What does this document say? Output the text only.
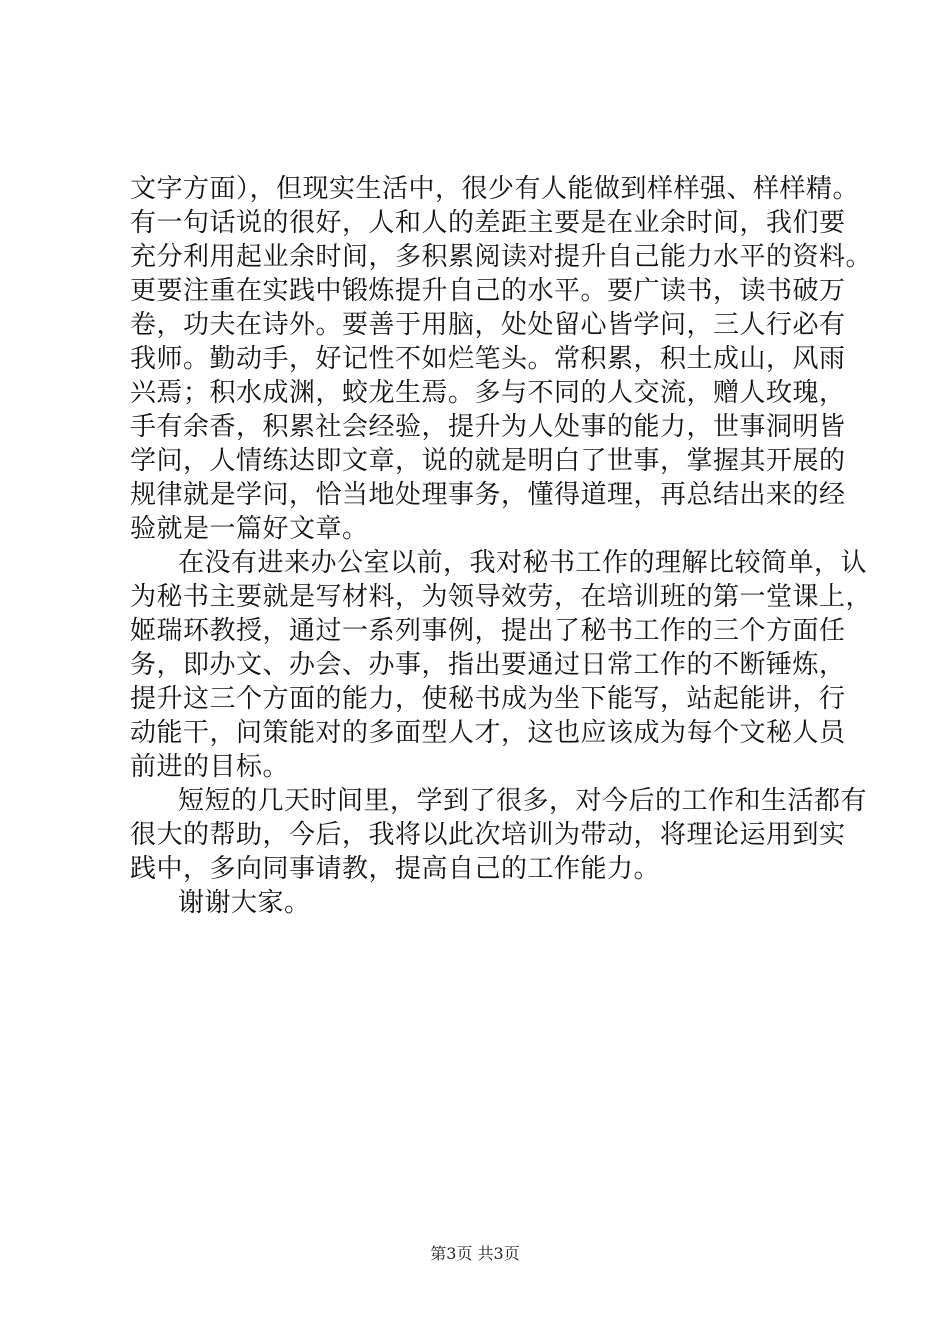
文字方面），但现实生活中，很少有人能做到样样强、样样精。
有一句话说的很好，人和人的差距主要是在业余时间，我们要
充分利用起业余时间，多积累阅读对提升自己能力水平的资料。
更要注重在实践中锻炼提升自己的水平。要广读书，读书破万
卷，功夫在诗外。要善于用脑，处处留心皆学问，三人行必有
我师。勤动手，好记性不如烂笔头。常积累，积土成山，风雨
兴焉；积水成渊，蛟龙生焉。多与不同的人交流，赠人玫瑰，
手有余香，积累社会经验，提升为人处事的能力，世事洞明皆
学问，人情练达即文章，说的就是明白了世事，掌握其开展的
规律就是学问，恰当地处理事务，懂得道理，再总结出来的经
验就是一篇好文章。
在没有进来办公室以前，我对秘书工作的理解比较简单，认
为秘书主要就是写材料，为领导效劳，在培训班的第一堂课上，
姬瑞环教授，通过一系列事例，提出了秘书工作的三个方面任
务，即办文、办会、办事，指出要通过日常工作的不断锤炼，
提升这三个方面的能力，使秘书成为坐下能写，站起能讲，行
动能干，问策能对的多面型人才，这也应该成为每个文秘人员
前进的目标。
短短的几天时间里，学到了很多，对今后的工作和生活都有
很大的帮助，今后，我将以此次培训为带动，将理论运用到实
践中，多向同事请教，提高自己的工作能力。
谢谢大家。
第3页 共3页
